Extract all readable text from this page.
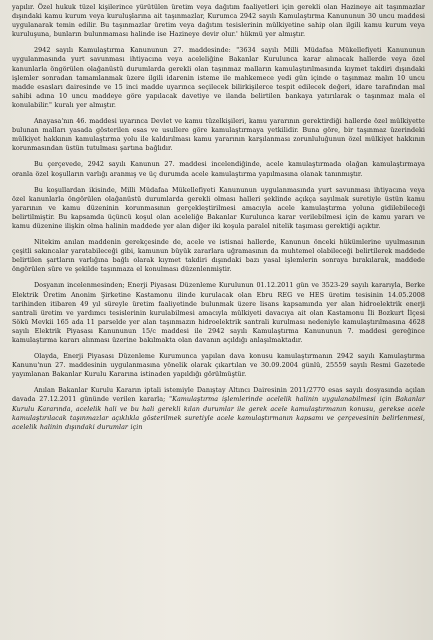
yapılır. Özel hukuk tüzel kişilerince yürütülen üretim veya dağıtım faaliyetleri için gerekli olan Hazineye ait taşınmazlar dışındaki kamu kurum veya kuruluşlarına ait taşınmazlar, Kurumca 2942 sayılı Kamulaştırma Kanununun 30 uncu maddesi uygulanarak temin edilir. Bu taşınmazlar üretim veya dağıtım tesislerinin mülkiyetine sahip olan ilgili kamu kurum veya kuruluşuna, bunların bulunmaması halinde ise Hazineye devir olur.' hükmü yer almıştır.

2942 sayılı Kamulaştırma Kanununun 27. maddesinde: "3634 sayılı Milli Müdafaa Mükellefiyeti Kanununun uygulanmasında yurt savunması ihtiyacına veya aceleliğine Bakanlar Kurulunca karar alınacak hallerde veya özel kanunlarla öngörülen olağanüstü durumlarda gerekli olan taşınmaz malların kamulaştırılmasında kıymet takdiri dışındaki işlemler sonradan tamamlanmak üzere ilgili idarenin isteme ile mahkemece yedi gün içinde o taşınmaz malın 10 uncu madde esasları dairesinde ve 15 inci madde uyarınca seçilecek bilirkişilerce tespit edilecek değeri, idare tarafından mal sahibi adına 10 uncu maddeye göre yapılacak davetiye ve ilanda belirtilen bankaya yatırılarak o taşınmaz mala el konulabilir." kuralı yer almıştır.

Anayasa'nın 46. maddesi uyarınca Devlet ve kamu tüzelkişileri, kamu yararının gerektirdiği hallerde özel mülkiyette bulunan malları yasada gösterilen esas ve usullere göre kamulaştırmaya yetkilidir. Buna göre, bir taşınmaz üzerindeki mülkiyet hakkının kamulaştırma yolu ile kaldırılması kamu yararının karşılanması zorunluluğunun özel mülkiyet hakkının korunmasından üstün tutulması şartına bağlıdır.

Bu çerçevede, 2942 sayılı Kanunun 27. maddesi incelendiğinde, acele kamulaştırmada olağan kamulaştırmaya oranla özel koşulların varlığı aranmış ve üç durumda acele kamulaştırma yapılmasına olanak tanınmıştır.

Bu koşullardan ikisinde, Milli Müdafaa Mükellefiyeti Kanununun uygulanmasında yurt savunması ihtiyacına veya özel kanunlarla öngörülen olağanüstü durumlarda gerekli olması halleri şeklinde açıkça sayılmak suretiyle üstün kamu yararının ve kamu düzeninin korunmasının gerçekleştirilmesi amacıyla acele kamulaştırma yoluna gidilebileceği belirtilmiştir. Bu kapsamda üçüncü koşul olan aceleliğe Bakanlar Kurulunca karar verilebilmesi için de kamu yararı ve kamu düzenine ilişkin olma halinin maddede yer alan diğer iki koşula paralel nitelik taşıması gerektiği açıktır.

Nitekim anılan maddenin gerekçesinde de, acele ve istisnai hallerde, Kanunun önceki hükümlerine uyulmasının çeşitli sakıncalar yaratabileceği gibi, kamunun büyük zararlara uğramasının da muhtemel olabileceği belirtilerek maddede belirtilen şartların varlığına bağlı olarak kıymet takdiri dışındaki bazı yasal işlemlerin sonraya bırakılarak, maddede öngörülen süre ve şekilde taşınmaza el konulması düzenlenmiştir.

Dosyanın incelenmesinden; Enerji Piyasası Düzenleme Kurulunun 01.12.2011 gün ve 3523-29 sayılı kararıyla, Berke Elektrik Üretim Anonim Şirketine Kastamonu ilinde kurulacak olan Ebru REG ve HES üretim tesisinin 14.05.2008 tarihinden itibaren 49 yıl süreyle üretim faaliyetinde bulunmak üzere lisans kapsamında yer alan hidroelektrik enerji santrali üretim ve yardımcı tesislerinin kurulabilmesi amacıyla mülkiyeti davacıya ait olan Kastamonu İli Bozkurt İlçesi Sökü Mevkii 165 ada 11 parselde yer alan taşınmazın hidroelektrik santrali kurulması nedeniyle kamulaştırılmasına 4628 sayılı Elektrik Piyasası Kanununun 15/c maddesi ile 2942 sayılı Kamulaştırma Kanununun 7. maddesi gereğince kamulaştırma kararı alınması üzerine bakılmakta olan davanın açıldığı anlaşılmaktadır.

Olayda, Enerji Piyasası Düzenleme Kurumunca yapılan dava konusu kamulaştırmanın 2942 sayılı Kamulaştırma Kanunu'nun 27. maddesinin uygulanmasına yönelik olarak çıkartılan ve 30.09.2004 günlü, 25559 sayılı Resmi Gazetede yayımlanan Bakanlar Kurulu Kararına istinaden yapıldığı görülmüştür.

Anılan Bakanlar Kurulu Kararın iptali istemiyle Danıştay Altıncı Dairesinin 2011/2770 esas sayılı dosyasında açılan davada 27.12.2011 gününde verilen kararla; "Kamulaştırma işlemlerinde acelelik halinin uygulanabilmesi için Bakanlar Kurulu Kararında, acelelik hali ve bu hali gerekli kılan durumlar ile gerek acele kamulaştırmanın konusu, gerekse acele kamulaştırılacak taşınmazlar açıklıkla gösterilmek suretiyle acele kamulaştırmanın kapsamı ve çerçevesinin belirlenmesi, acelelik halinin dışındaki durumlar için
